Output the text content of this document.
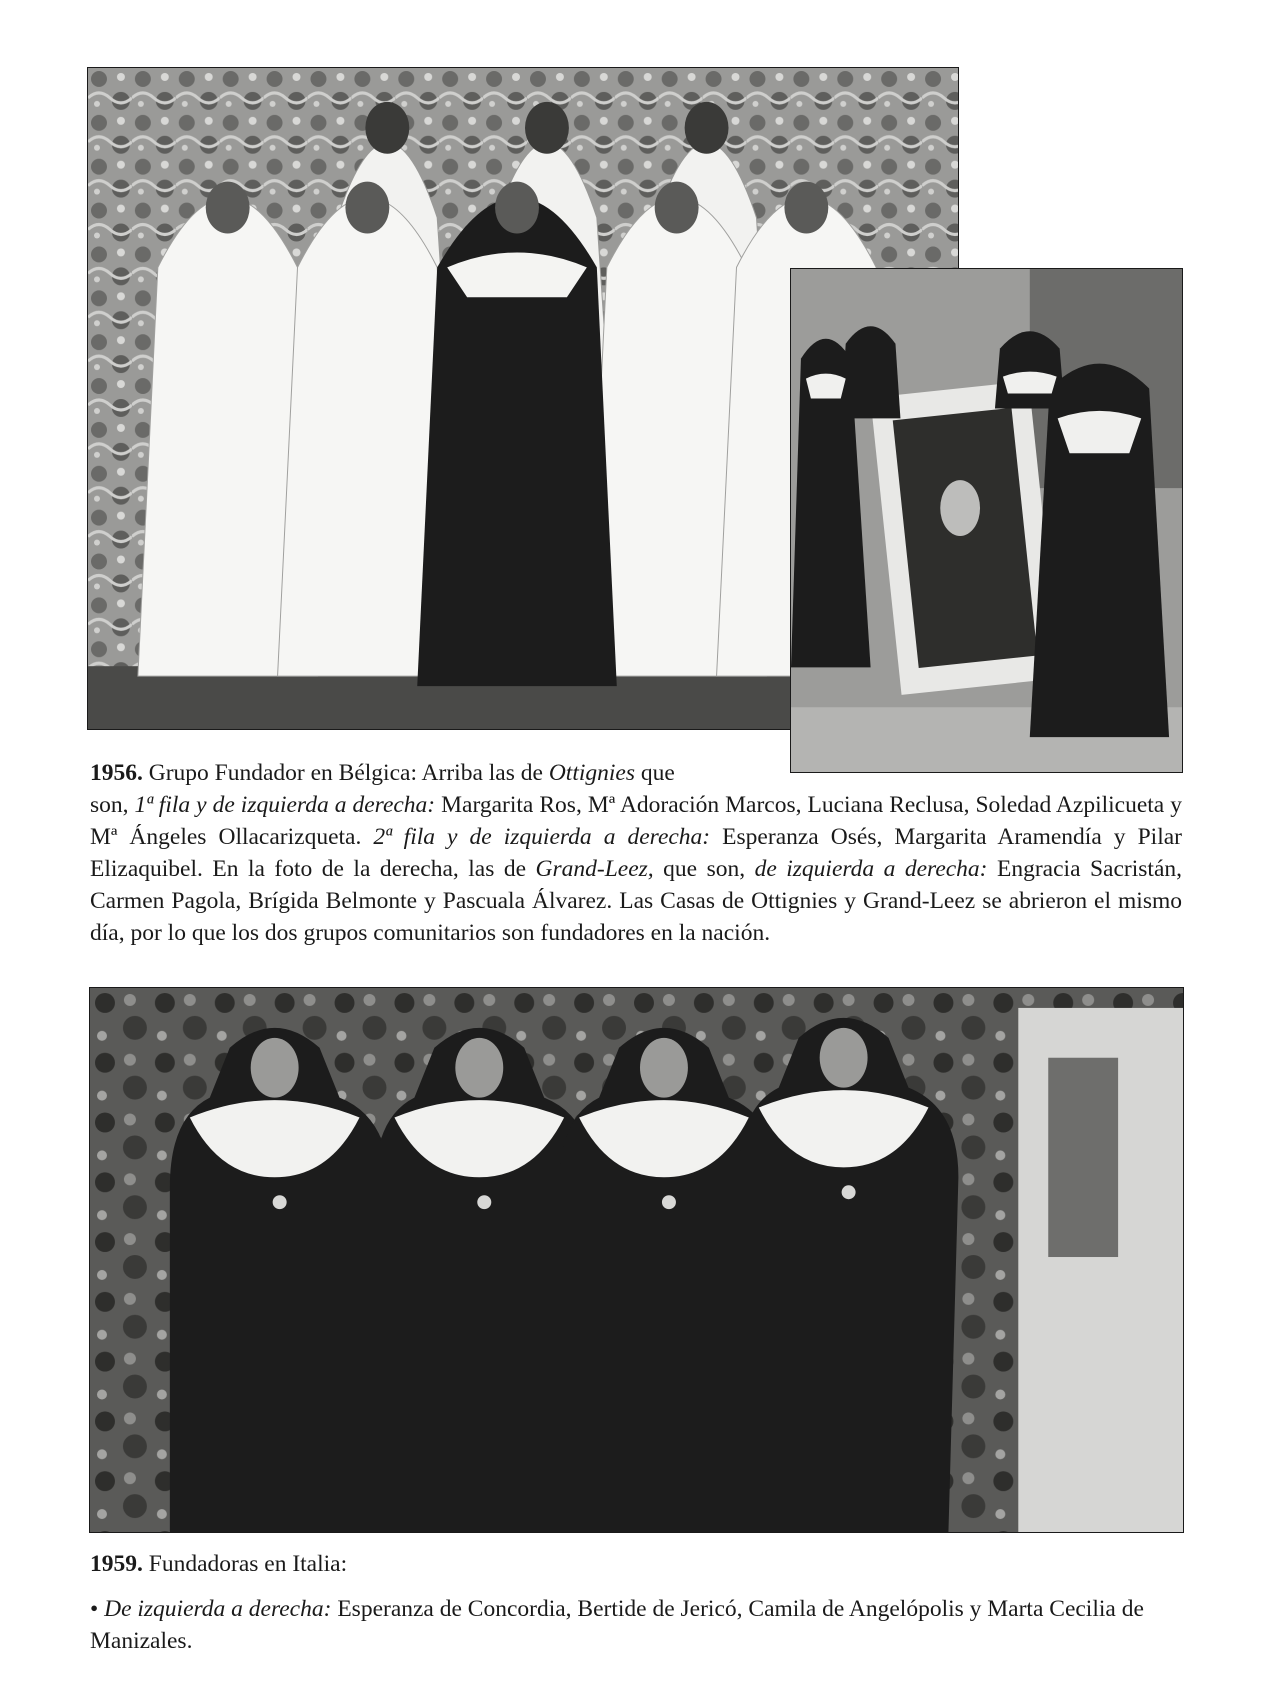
1956. Grupo Fundador en Bélgica: Arriba las de Ottignies que
son, 1ª fila y de izquierda a derecha: Margarita Ros, Mª Adoración Marcos, Luciana Reclusa, Soledad Azpilicueta y Mª Ángeles Ollacarizqueta. 2ª fila y de izquierda a derecha: Esperanza Osés, Margarita Aramendía y Pilar Elizaquibel. En la foto de la derecha, las de Grand-Leez, que son, de izquierda a derecha: Engracia Sacristán, Carmen Pagola, Brígida Belmonte y Pascuala Álvarez. Las Casas de Ottignies y Grand-Leez se abrieron el mismo día, por lo que los dos grupos comunitarios son fundadores en la nación.
1959. Fundadoras en Italia:
• De izquierda a derecha: Esperanza de Concordia, Bertide de Jericó, Camila de Angelópolis y Marta Cecilia de Manizales.
